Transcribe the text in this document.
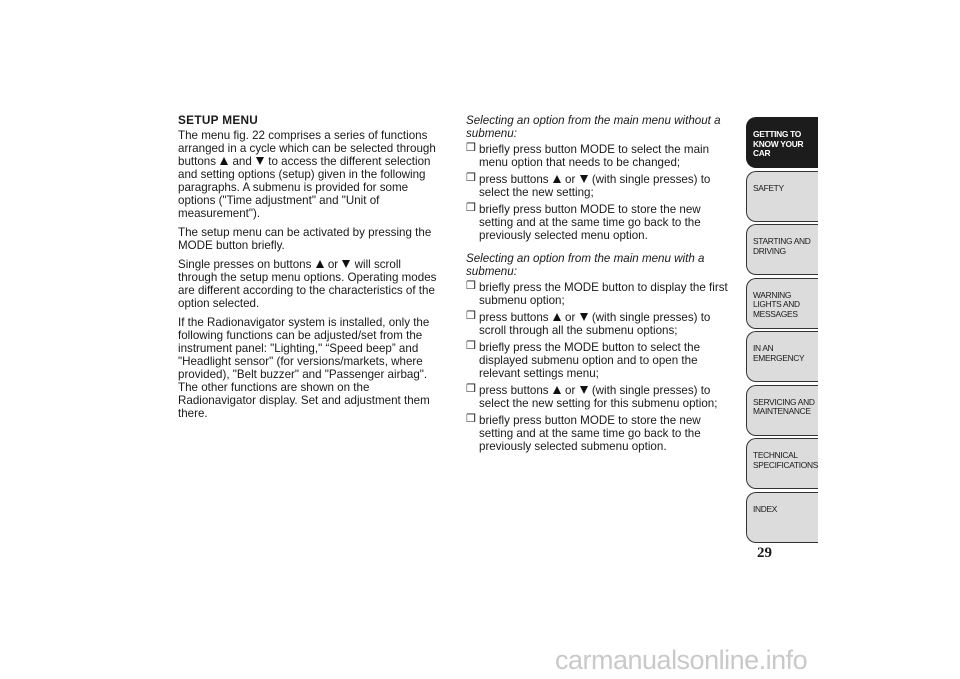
SETUP MENU
The menu fig. 22 comprises a series of functions arranged in a cycle which can be selected through buttons  and  to access the different selection and setting options (setup) given in the following paragraphs. A submenu is provided for some options ("Time adjustment" and "Unit of measurement").
The setup menu can be activated by pressing the MODE button briefly.
Single presses on buttons  or  will scroll through the setup menu options. Operating modes are different according to the characteristics of the option selected.
If the Radionavigator system is installed, only the following functions can be adjusted/set from the instrument panel: "Lighting," “Speed beep” and "Headlight sensor" (for versions/markets, where provided), "Belt buzzer" and "Passenger airbag". The other functions are shown on the Radionavigator display. Set and adjustment them there.
Selecting an option from the main menu without a submenu:
❒ briefly press button MODE to select the main menu option that needs to be changed;
❒ press buttons  or  (with single presses) to select the new setting;
❒ briefly press button MODE to store the new setting and at the same time go back to the previously selected menu option.
Selecting an option from the main menu with a submenu:
❒ briefly press the MODE button to display the first submenu option;
❒ press buttons  or  (with single presses) to scroll through all the submenu options;
❒ briefly press the MODE button to select the displayed submenu option and to open the relevant settings menu;
❒ press buttons  or  (with single presses) to select the new setting for this submenu option;
❒ briefly press button MODE to store the new setting and at the same time go back to the previously selected submenu option.
GETTING TO KNOW YOUR CAR
SAFETY
STARTING AND DRIVING
WARNING LIGHTS AND MESSAGES
IN AN EMERGENCY
SERVICING AND MAINTENANCE
TECHNICAL SPECIFICATIONS
INDEX
29
carmanualsonline.info
